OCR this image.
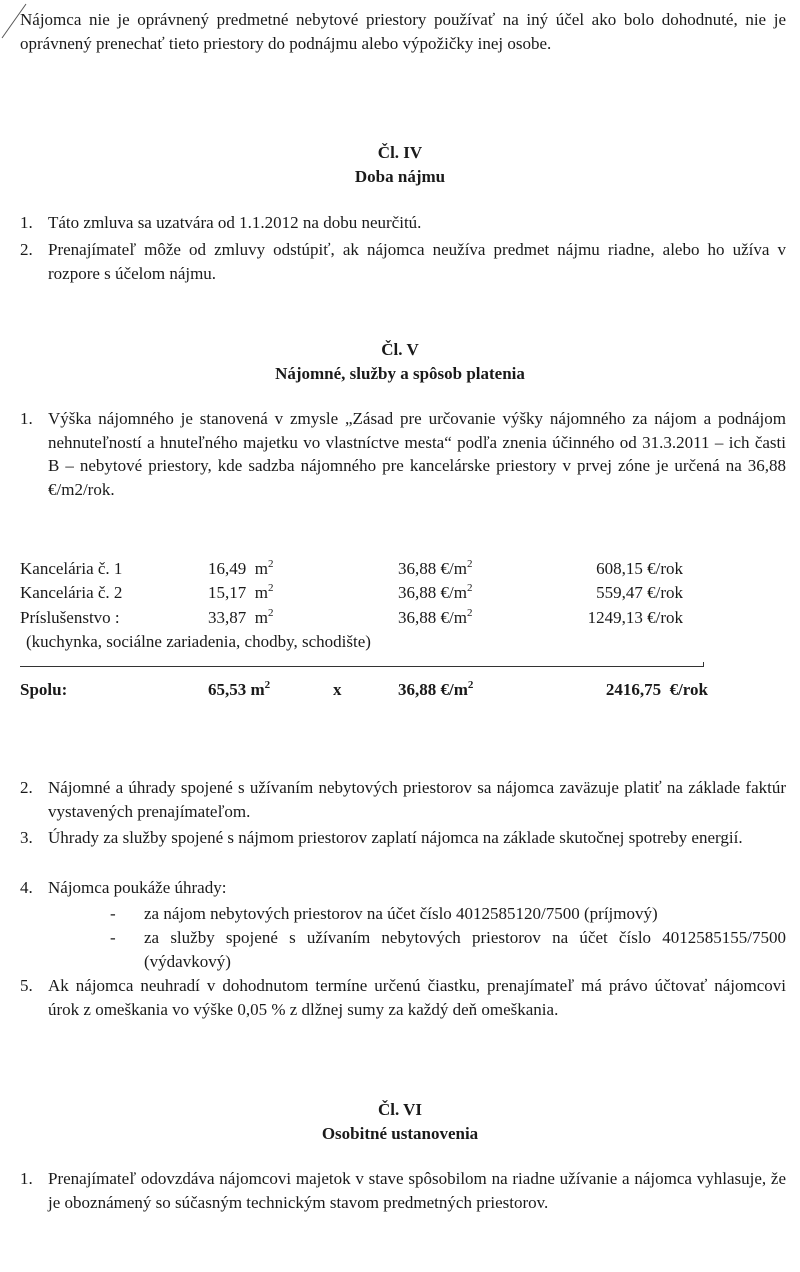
Nájomca nie je oprávnený predmetné nebytové priestory používať na iný účel ako bolo dohodnuté, nie je oprávnený prenechať tieto priestory do podnájmu alebo výpožičky inej osobe.

Čl. IV
Doba nájmu
1. Táto zmluva sa uzatvára od 1.1.2012 na dobu neurčitú.
2. Prenajímateľ môže od zmluvy odstúpiť, ak nájomca neužíva predmet nájmu riadne, alebo ho užíva v rozpore s účelom nájmu.
Čl. V
Nájomné, služby a spôsob platenia
1. Výška nájomného je stanovená v zmysle „Zásad pre určovanie výšky nájomného za nájom a podnájom nehnuteľností a hnuteľného majetku vo vlastníctve mesta“ podľa znenia účinného od 31.3.2011 – ich časti B – nebytové priestory, kde sadzba nájomného pre kancelárske priestory v prvej zóne je určená na 36,88 €/m2/rok.
Kancelária č. 1	16,49 $m^2$	36,88 $€/m^2$	608,15 €/rok
Kancelária č. 2	15,17 $m^2$	36,88 $€/m^2$	559,47 €/rok
Príslušenstvo :	33,87 $m^2$	36,88 $€/m^2$	1249,13 €/rok
(kuchynka, sociálne zariadenia, chodby, schodište)
Spolu:	65,53 $m^2$	x	36,88 $€/m^2$	2416,75  €/rok
2. Nájomné a úhrady spojené s užívaním nebytových priestorov sa nájomca zaväzuje platiť na základe faktúr vystavených prenajímateľom.
3. Úhrady za služby spojené s nájmom priestorov zaplatí nájomca na základe skutočnej spotreby energií.
4. Nájomca poukáže úhrady:
-	za nájom nebytových priestorov na účet číslo 4012585120/7500 (príjmový)
-	za služby spojené s užívaním nebytových priestorov na účet číslo 4012585155/7500 (výdavkový)
5. Ak nájomca neuhradí v dohodnutom termíne určenú čiastku, prenajímateľ má právo účtovať nájomcovi úrok z omeškania vo výške 0,05 % z dlžnej sumy za každý deň omeškania.
Čl. VI
Osobitné ustanovenia
1. Prenajímateľ odovzdáva nájomcovi majetok v stave spôsobilom na riadne užívanie a nájomca vyhlasuje, že je oboznámený so súčasným technickým stavom predmetných priestorov.
